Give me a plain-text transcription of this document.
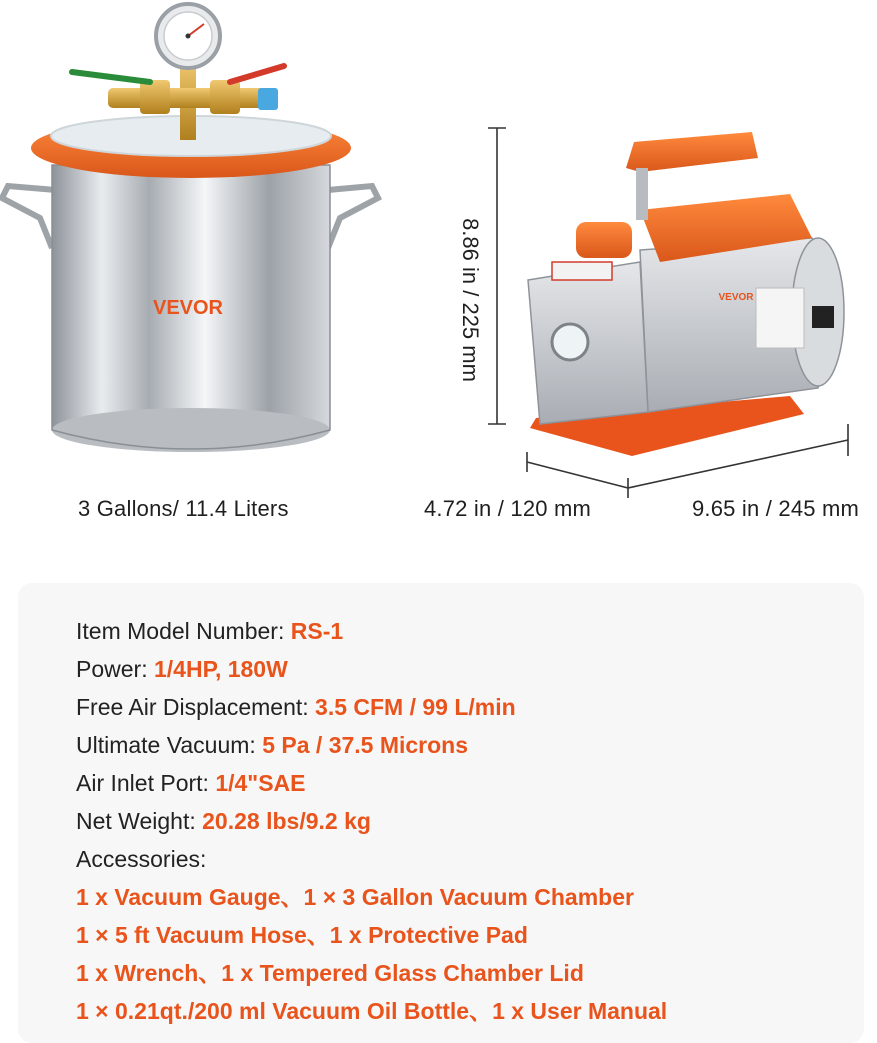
VEVOR	VEVOR
3 Gallons/ 11.4 Liters
8.86 in / 225 mm
4.72 in / 120 mm	9.65 in / 245 mm
Item Model Number: RS-1
Power: 1/4HP, 180W
Free Air Displacement: 3.5 CFM / 99 L/min
Ultimate Vacuum: 5 Pa / 37.5 Microns
Air Inlet Port: 1/4"SAE
Net Weight: 20.28 lbs/9.2 kg
Accessories:
1 x Vacuum Gauge、1 × 3 Gallon Vacuum Chamber
1 × 5 ft Vacuum Hose、1 x Protective Pad
1 x Wrench、1 x Tempered Glass Chamber Lid
1 × 0.21qt./200 ml Vacuum Oil Bottle、1 x User Manual
